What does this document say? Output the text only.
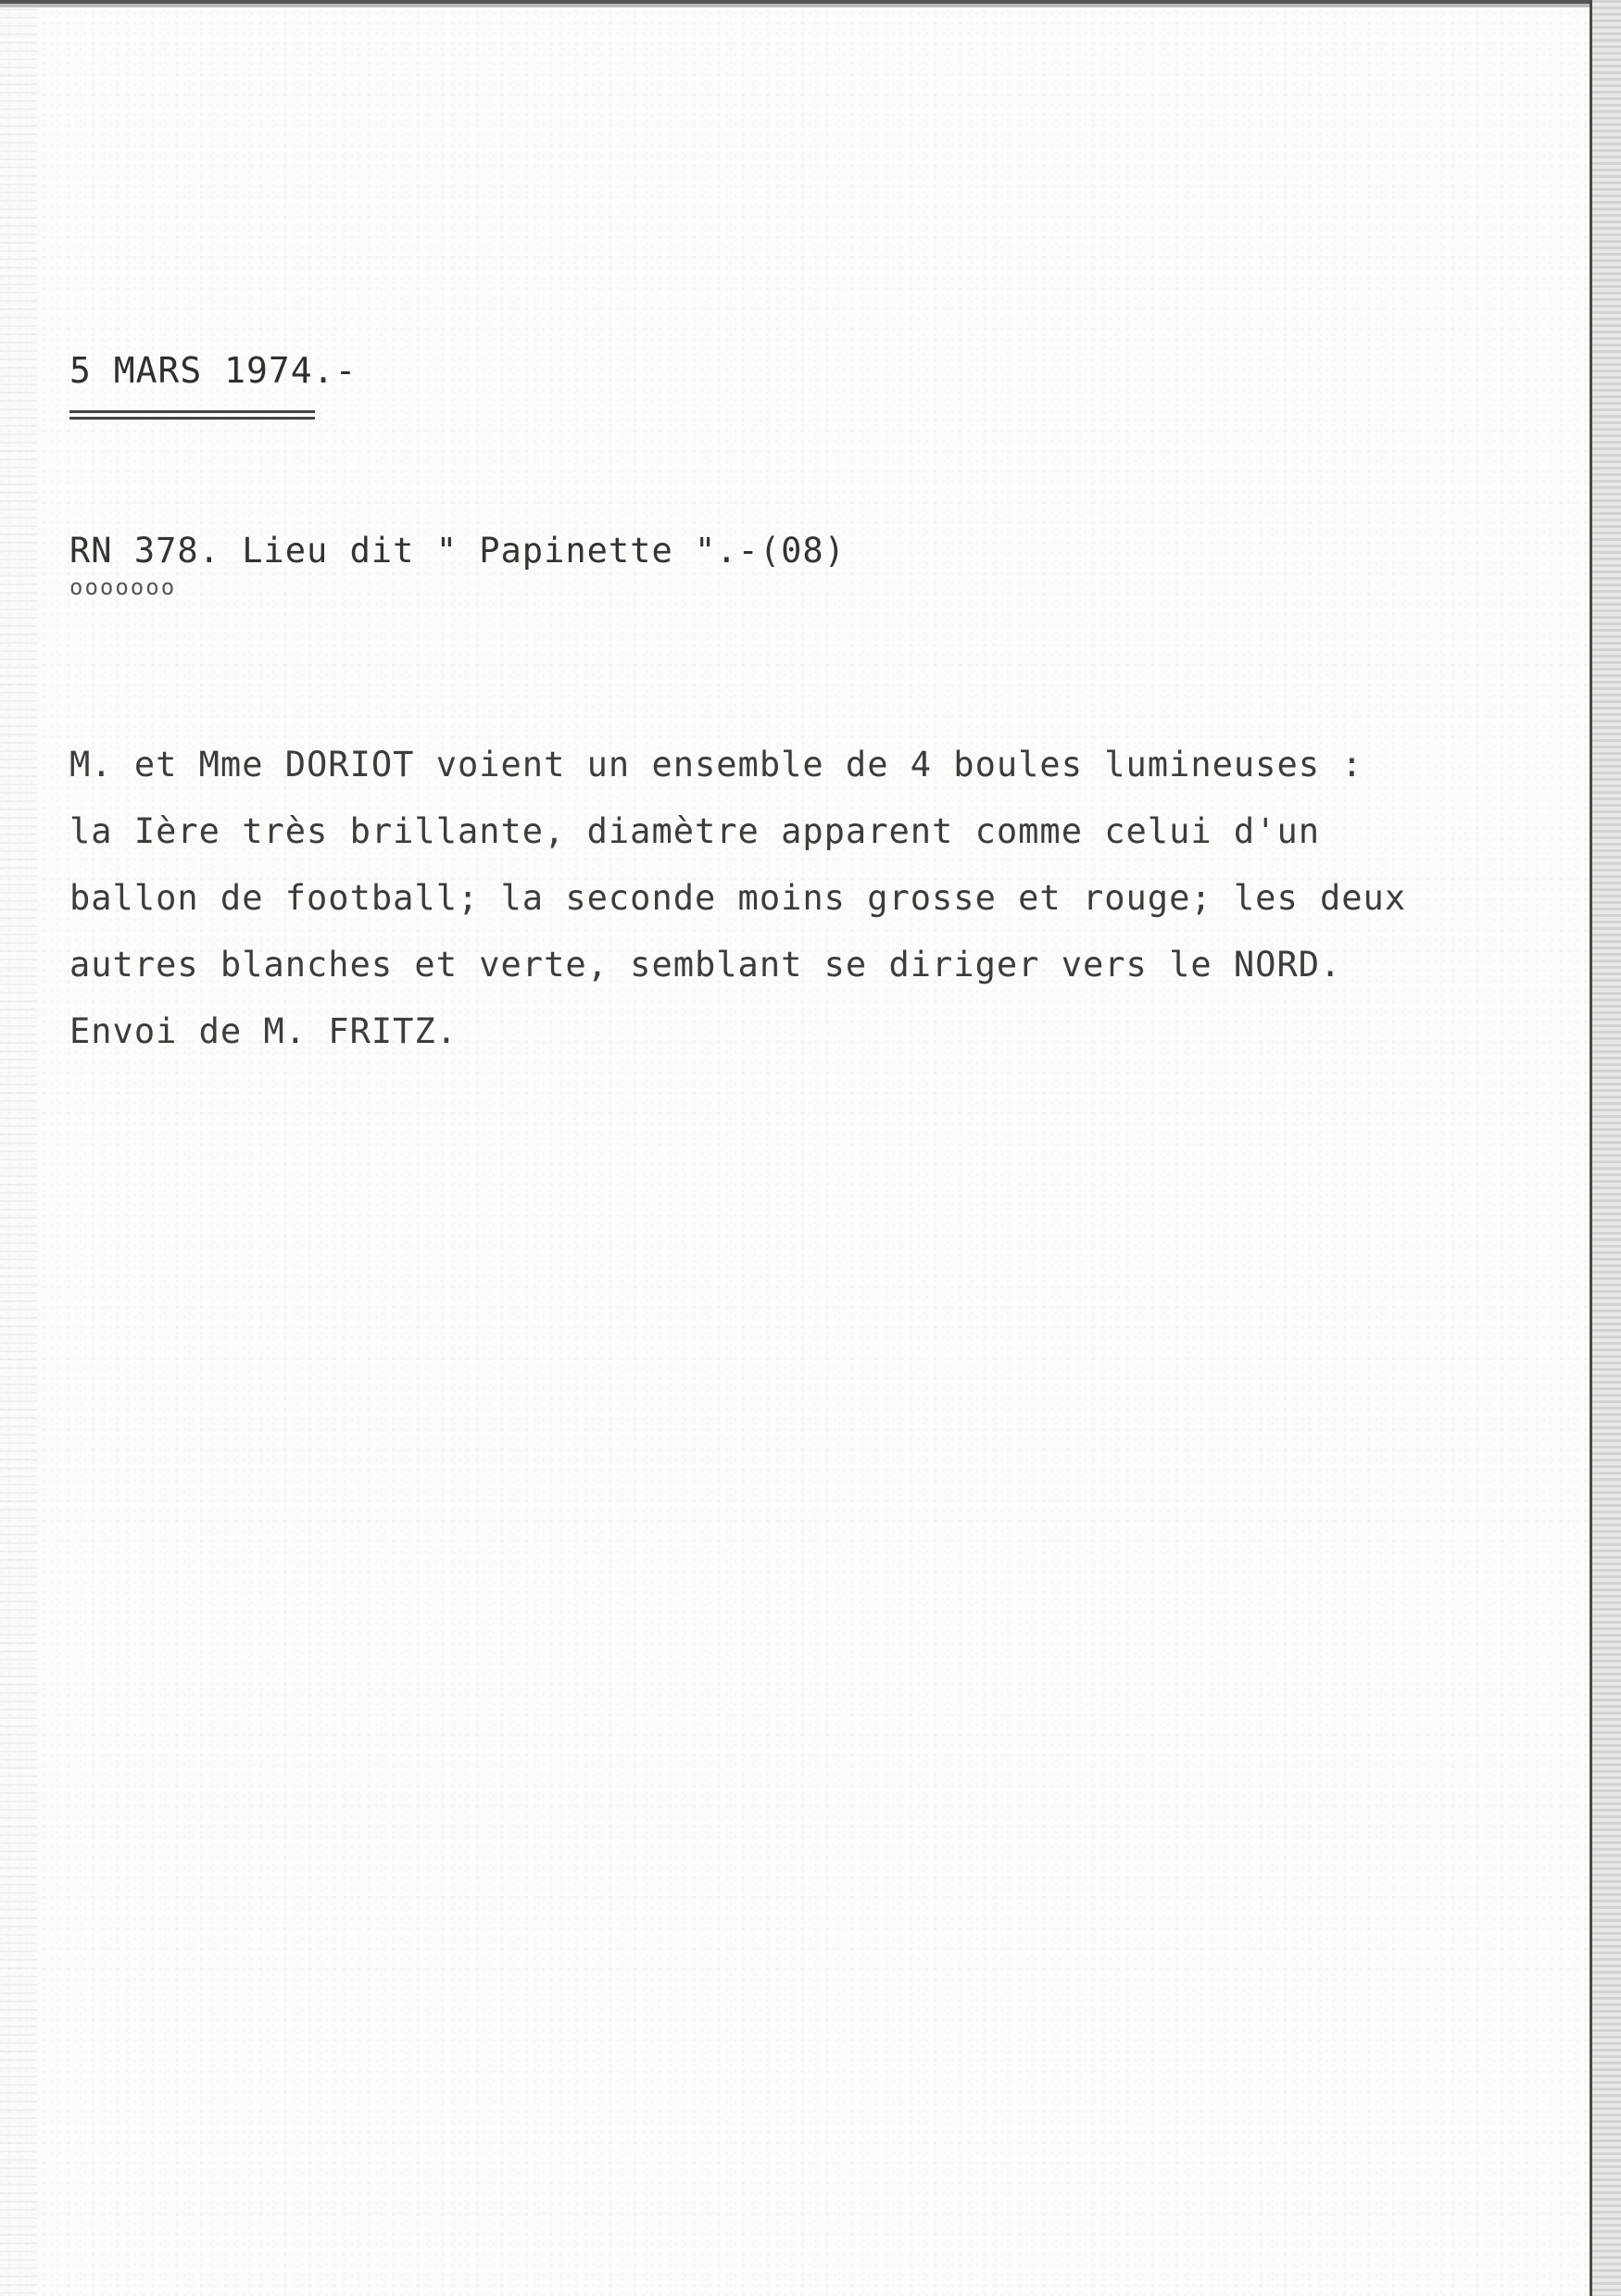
5 MARS 1974.-
RN 378. Lieu dit " Papinette ".-(08)
ooooooo
M. et Mme DORIOT voient un ensemble de 4 boules lumineuses :
la Ière très brillante, diamètre apparent comme celui d'un
ballon de football; la seconde moins grosse et rouge; les deux
autres blanches et verte, semblant se diriger vers le NORD.
Envoi de M. FRITZ.
